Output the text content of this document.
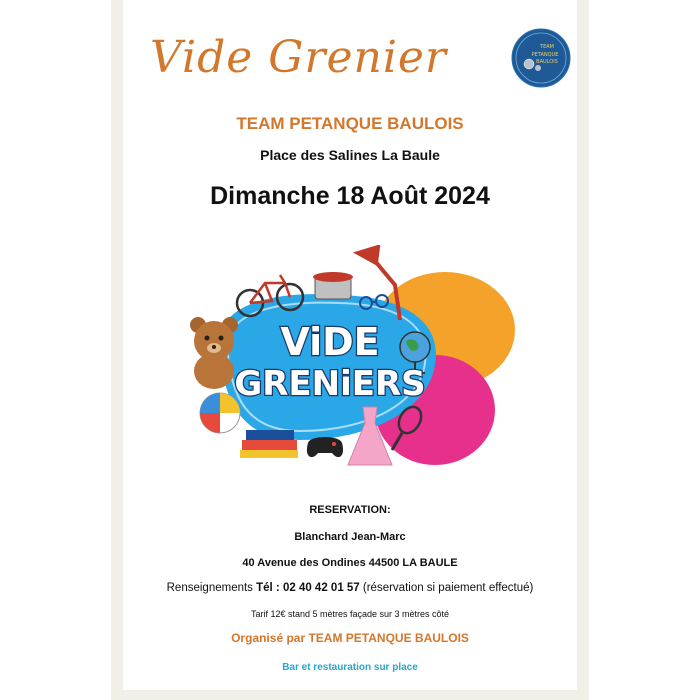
Vide Grenier	TEAM
PETANQUE
BAULOIS
TEAM PETANQUE BAULOIS
Place des Salines La Baule
Dimanche 18 Août 2024
ViDE
GRENiERS
RESERVATION:
Blanchard Jean-Marc
40 Avenue des Ondines 44500 LA BAULE
Renseignements Tél : 02 40 42 01 57 (réservation si paiement effectué)
Tarif 12€ stand 5 mètres façade sur 3 mètres côté
Organisé par TEAM PETANQUE BAULOIS
Bar et restauration sur place
